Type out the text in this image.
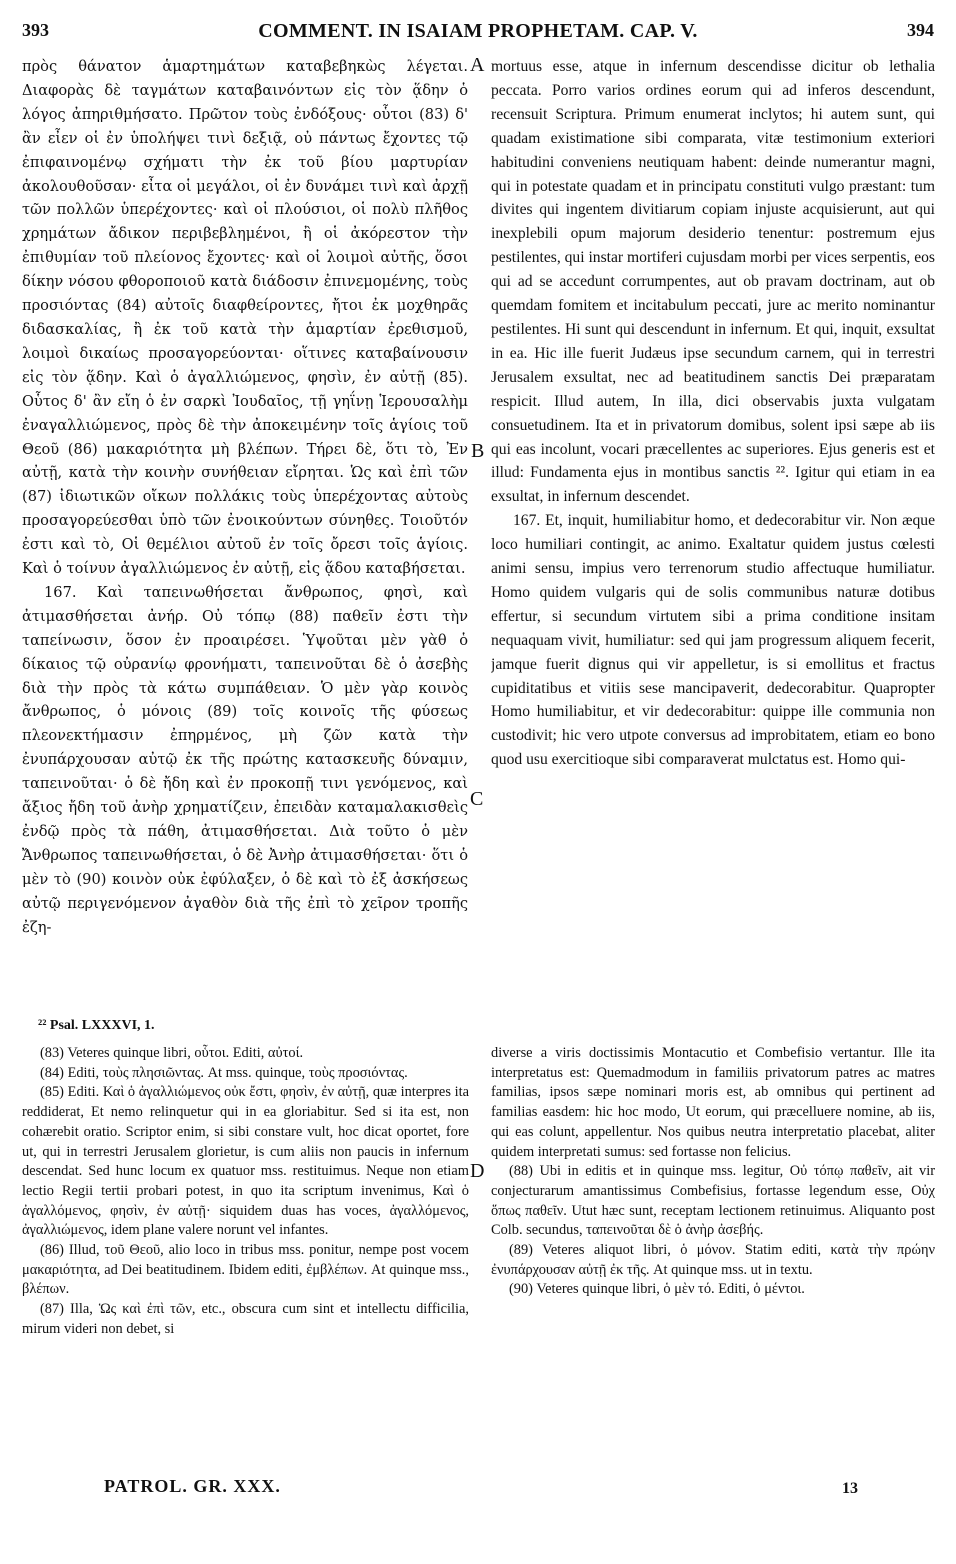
393	COMMENT. IN ISAIAM PROPHETAM. CAP. V.	394

πρὸς θάνατον ἁμαρτημάτων καταβεβηκὼς λέγεται. Διαφορὰς δὲ ταγμάτων καταβαινόντων εἰς τὸν ᾅδην ὁ λόγος ἀπηριθμήσατο. Πρῶτον τοὺς ἐνδόξους· οὗτοι (83) δ' ἂν εἶεν οἱ ἐν ὑπολήψει τινὶ δεξιᾷ, οὐ πάντως ἔχοντες τῷ ἐπιφαινομένῳ σχήματι τὴν ἐκ τοῦ βίου μαρτυρίαν ἀκολουθοῦσαν· εἶτα οἱ μεγάλοι, οἱ ἐν δυνάμει τινὶ καὶ ἀρχῇ τῶν πολλῶν ὑπερέχοντες· καὶ οἱ πλούσιοι, οἱ πολὺ πλῆθος χρημάτων ἄδικον περιβεβλημένοι, ἢ οἱ ἀκόρεστον τὴν ἐπιθυμίαν τοῦ πλείονος ἔχοντες· καὶ οἱ λοιμοὶ αὐτῆς, ὅσοι δίκην νόσου φθοροποιοῦ κατὰ διάδοσιν ἐπινεμομένης, τοὺς προσιόντας (84) αὐτοῖς διαφθείροντες, ἤτοι ἐκ μοχθηρᾶς διδασκαλίας, ἢ ἐκ τοῦ κατὰ τὴν ἁμαρτίαν ἐρεθισμοῦ, λοιμοὶ δικαίως προσαγορεύονται· οἵτινες καταβαίνουσιν εἰς τὸν ᾅδην. Καὶ ὁ ἀγαλλιώμενος, φησὶν, ἐν αὐτῇ (85). Οὗτος δ' ἂν εἴη ὁ ἐν σαρκὶ Ἰουδαῖος, τῇ γηΐνῃ Ἱερουσαλὴμ ἐναγαλλιώμενος, πρὸς δὲ τὴν ἀποκειμένην τοῖς ἁγίοις τοῦ Θεοῦ (86) μακαριότητα μὴ βλέπων. Τήρει δὲ, ὅτι τὸ, Ἐν αὐτῇ, κατὰ τὴν κοινὴν συνήθειαν εἴρηται. Ὡς καὶ ἐπὶ τῶν (87) ἰδιωτικῶν οἴκων πολλάκις τοὺς ὑπερέχοντας αὐτοὺς προσαγορεύεσθαι ὑπὸ τῶν ἐνοικούντων σύνηθες. Τοιοῦτόν ἐστι καὶ τὸ, Οἱ θεμέλιοι αὐτοῦ ἐν τοῖς ὄρεσι τοῖς ἁγίοις. Καὶ ὁ τοίνυν ἀγαλλιώμενος ἐν αὐτῇ, εἰς ᾅδου καταβήσεται.

167. Καὶ ταπεινωθήσεται ἄνθρωπος, φησὶ, καὶ ἀτιμασθήσεται ἀνήρ. Οὐ τόπῳ (88) παθεῖν ἐστι τὴν ταπείνωσιν, ὅσον ἐν προαιρέσει. Ὑψοῦται μὲν γὰθ ὁ δίκαιος τῷ οὐρανίῳ φρονήματι, ταπεινοῦται δὲ ὁ ἀσεβὴς διὰ τὴν πρὸς τὰ κάτω συμπάθειαν. Ὁ μὲν γὰρ κοινὸς ἄνθρωπος, ὁ μόνοις (89) τοῖς κοινοῖς τῆς φύσεως πλεονεκτήμασιν ἐπηρμένος, μὴ ζῶν κατὰ τὴν ἐνυπάρχουσαν αὐτῷ ἐκ τῆς πρώτης κατασκευῆς δύναμιν, ταπεινοῦται· ὁ δὲ ἤδη καὶ ἐν προκοπῇ τινι γενόμενος, καὶ ἄξιος ἤδη τοῦ ἀνὴρ χρηματίζειν, ἐπειδὰν καταμαλακισθεὶς ἐνδῷ πρὸς τὰ πάθη, ἀτιμασθήσεται. Διὰ τοῦτο ὁ μὲν Ἄνθρωπος ταπεινωθήσεται, ὁ δὲ Ἀνὴρ ἀτιμασθήσεται· ὅτι ὁ μὲν τὸ (90) κοινὸν οὐκ ἐφύλαξεν, ὁ δὲ καὶ τὸ ἐξ ἀσκήσεως αὐτῷ περιγενόμενον ἀγαθὸν διὰ τῆς ἐπὶ τὸ χεῖρον τροπῆς ἐζη-

A
B
C
D

mortuus esse, atque in infernum descendisse dicitur ob lethalia peccata. Porro varios ordines eorum qui ad inferos descendunt, recensuit Scriptura. Primum enumerat inclytos; hi autem sunt, qui quadam existimatione sibi comparata, vitæ testimonium exteriori habitudini conveniens neutiquam habent: deinde numerantur magni, qui in potestate quadam et in principatu constituti vulgo præstant: tum divites qui ingentem divitiarum copiam injuste acquisierunt, aut qui inexplebili opum majorum desiderio tenentur: postremum ejus pestilentes, qui instar mortiferi cujusdam morbi per vices serpentis, eos qui ad se accedunt corrumpentes, aut ob pravam doctrinam, aut ob quemdam fomitem et incitabulum peccati, jure ac merito nominantur pestilentes. Hi sunt qui descendunt in infernum. Et qui, inquit, exsultat in ea. Hic ille fuerit Judæus ipse secundum carnem, qui in terrestri Jerusalem exsultat, nec ad beatitudinem sanctis Dei præparatam respicit. Illud autem, In illa, dici observabis juxta vulgatam consuetudinem. Ita et in privatorum domibus, solent ipsi sæpe ab iis qui eas incolunt, vocari præcellentes ac superiores. Ejus generis est et illud: Fundamenta ejus in montibus sanctis ²². Igitur qui etiam in ea exsultat, in infernum descendet.

167. Et, inquit, humiliabitur homo, et dedecorabitur vir. Non æque loco humiliari contingit, ac animo. Exaltatur quidem justus cœlesti animi sensu, impius vero terrenorum studio affectuque humiliatur. Homo quidem vulgaris qui de solis communibus naturæ dotibus effertur, si secundum virtutem sibi a prima conditione insitam nequaquam vivit, humiliatur: sed qui jam progressum aliquem fecerit, jamque fuerit dignus qui vir appelletur, is si emollitus et fractus cupiditatibus et vitiis sese mancipaverit, dedecorabitur. Quapropter Homo humiliabitur, et vir dedecorabitur: quippe ille communia non custodivit; hic vero utpote conversus ad improbitatem, etiam eo bono quod usu exercitioque sibi comparaverat mulctatus est. Homo qui-

²² Psal. LXXXVI, 1.

(83) Veteres quinque libri, οὗτοι. Editi, αὐτοί.

(84) Editi, τοὺς πλησιῶντας. At mss. quinque, τοὺς προσιόντας.

(85) Editi. Καὶ ὁ ἀγαλλιώμενος οὐκ ἔστι, φησὶν, ἐν αὐτῇ, quæ interpres ita reddiderat, Et nemo relinquetur qui in ea gloriabitur. Sed si ita est, non cohærebit oratio. Scriptor enim, si sibi constare vult, hoc dicat oportet, fore ut, qui in terrestri Jerusalem glorietur, is cum aliis non paucis in infernum descendat. Sed hunc locum ex quatuor mss. restituimus. Neque non etiam lectio Regii tertii probari potest, in quo ita scriptum invenimus, Καὶ ὁ ἀγαλλόμενος, φησὶν, ἐν αὐτῇ· siquidem duas has voces, ἀγαλλόμενος, ἀγαλλιώμενος, idem plane valere norunt vel infantes.

(86) Illud, τοῦ Θεοῦ, alio loco in tribus mss. ponitur, nempe post vocem μακαριότητα, ad Dei beatitudinem. Ibidem editi, ἐμβλέπων. At quinque mss., βλέπων.

(87) Illa, Ὡς καὶ ἐπὶ τῶν, etc., obscura cum sint et intellectu difficilia, mirum videri non debet, si

diverse a viris doctissimis Montacutio et Combefisio vertantur. Ille ita interpretatus est: Quemadmodum in familiis privatorum patres ac matres familias, ipsos sæpe nominari moris est, ab omnibus qui pertinent ad familias easdem: hic hoc modo, Ut eorum, qui præcelluere nomine, ab iis, qui eas colunt, appellentur. Nos quibus neutra interpretatio placebat, aliter quidem interpretati sumus: sed fortasse non felicius.

(88) Ubi in editis et in quinque mss. legitur, Οὐ τόπῳ παθεῖν, ait vir conjecturarum amantissimus Combefisius, fortasse legendum esse, Οὐχ ὅπως παθεῖν. Utut hæc sunt, receptam lectionem retinuimus. Aliquanto post Colb. secundus, ταπεινοῦται δὲ ὁ ἀνὴρ ἀσεβής.

(89) Veteres aliquot libri, ὁ μόνον. Statim editi, κατὰ τὴν πρώην ἐνυπάρχουσαν αὐτῇ ἐκ τῆς. At quinque mss. ut in textu.

(90) Veteres quinque libri, ὁ μὲν τό. Editi, ὁ μέντοι.

PATROL. GR. XXX.	13
